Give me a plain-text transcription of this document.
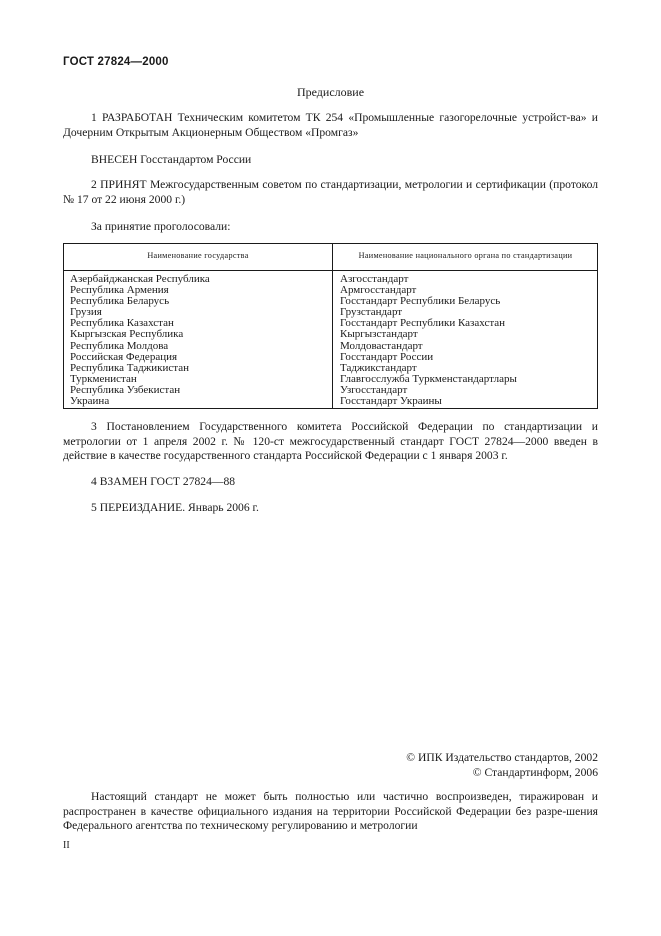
ГОСТ 27824—2000
Предисловие

1 РАЗРАБОТАН Техническим комитетом ТК 254 «Промышленные газогорелочные устройст-ва» и Дочерним Открытым Акционерным Обществом «Промгаз»

ВНЕСЕН Госстандартом России

2 ПРИНЯТ Межгосударственным советом по стандартизации, метрологии и сертификации (протокол № 17 от 22 июня 2000 г.)

За принятие проголосовали:

Наименование государства	Наименование национального органа по стандартизации
Азербайджанская Республика
Республика Армения
Республика Беларусь
Грузия
Республика Казахстан
Кыргызская Республика
Республика Молдова
Российская Федерация
Республика Таджикистан
Туркменистан
Республика Узбекистан
Украина
Азгосстандарт
Армгосстандарт
Госстандарт Республики Беларусь
Грузстандарт
Госстандарт Республики Казахстан
Кыргызстандарт
Молдовастандарт
Госстандарт России
Таджикстандарт
Главгосслужба Туркменстандартлары
Узгосстандарт
Госстандарт Украины

3 Постановлением Государственного комитета Российской Федерации по стандартизации и метрологии от 1 апреля 2002 г. № 120-ст межгосударственный стандарт ГОСТ 27824—2000 введен в действие в качестве государственного стандарта Российской Федерации с 1 января 2003 г.

4 ВЗАМЕН ГОСТ 27824—88

5 ПЕРЕИЗДАНИЕ. Январь 2006 г.

© ИПК Издательство стандартов, 2002
© Стандартинформ, 2006

Настоящий стандарт не может быть полностью или частично воспроизведен, тиражирован и распространен в качестве официального издания на территории Российской Федерации без разре-шения Федерального агентства по техническому регулированию и метрологии

II
